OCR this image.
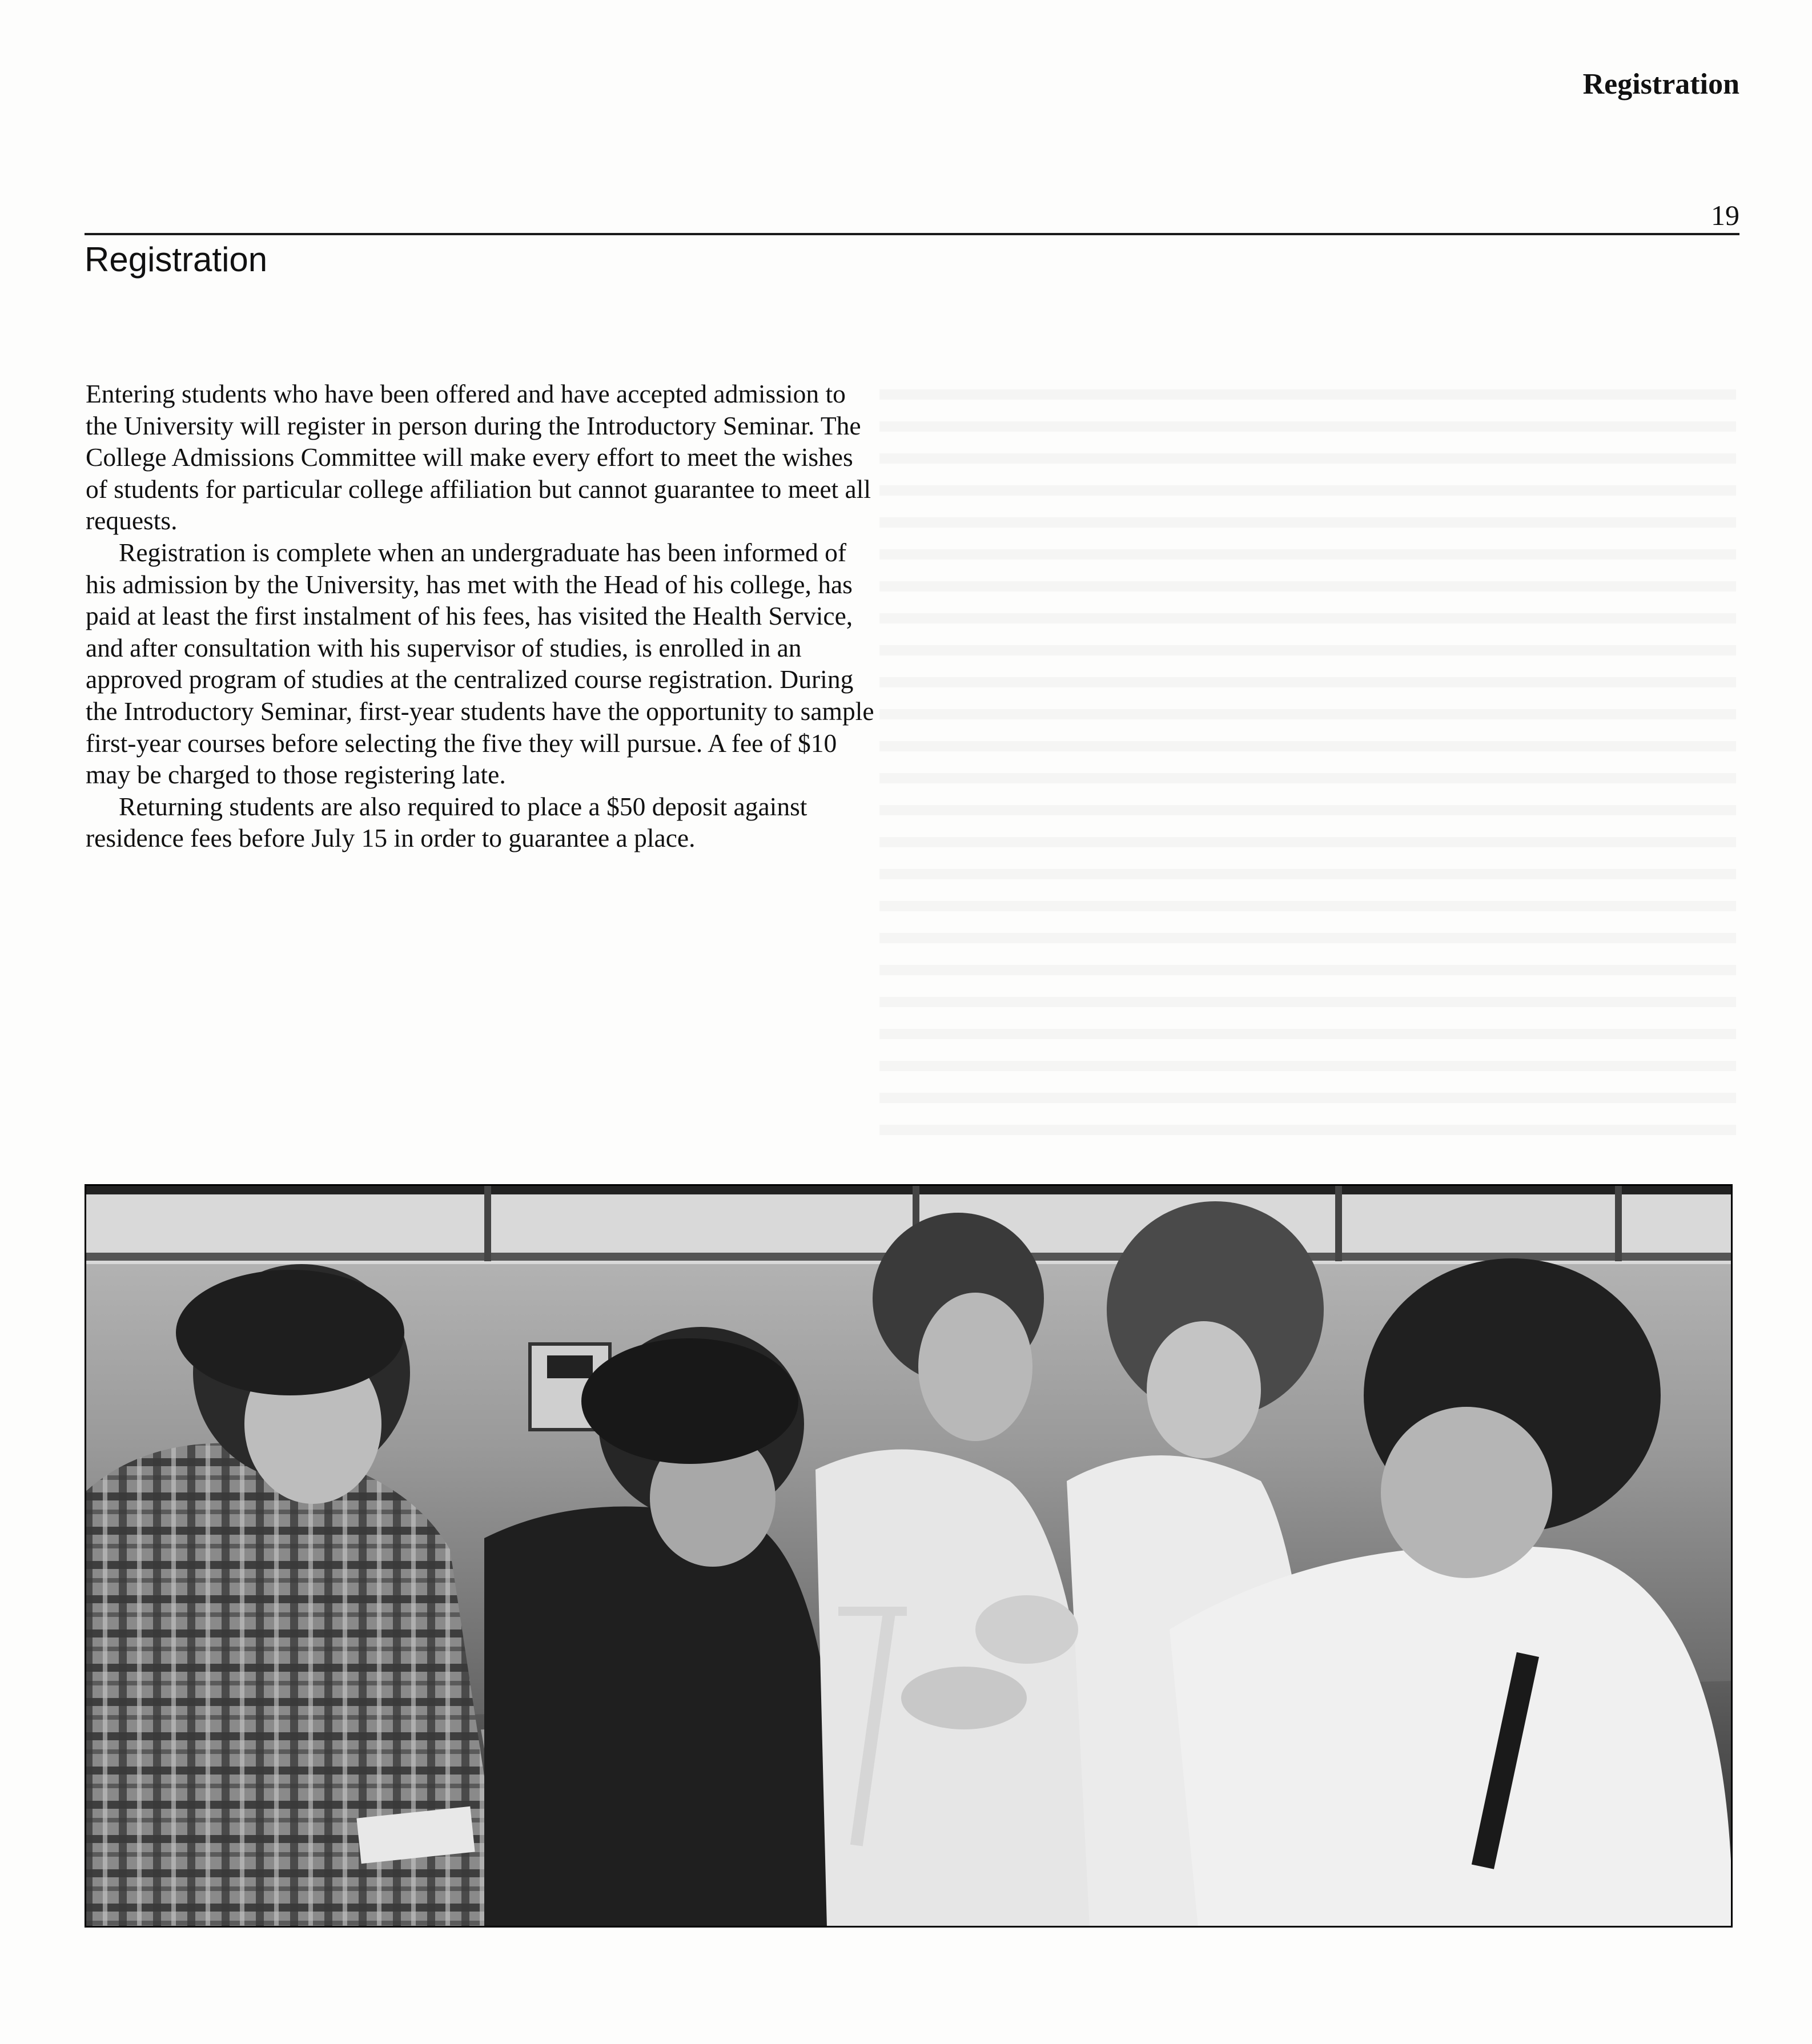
Registration
19
Registration

Entering students who have been offered and have accepted admission to the University will register in person during the Introductory Seminar. The College Admissions Committee will make every effort to meet the wishes of students for particular college affiliation but cannot guarantee to meet all requests.

Registration is complete when an undergraduate has been informed of his admission by the University, has met with the Head of his college, has paid at least the first instalment of his fees, has visited the Health Service, and after consultation with his supervisor of studies, is enrolled in an approved program of studies at the centralized course registration. During the Introductory Seminar, first-year students have the opportunity to sample first-year courses before selecting the five they will pursue. A fee of $10 may be charged to those registering late.

Returning students are also required to place a $50 deposit against residence fees before July 15 in order to guarantee a place.
